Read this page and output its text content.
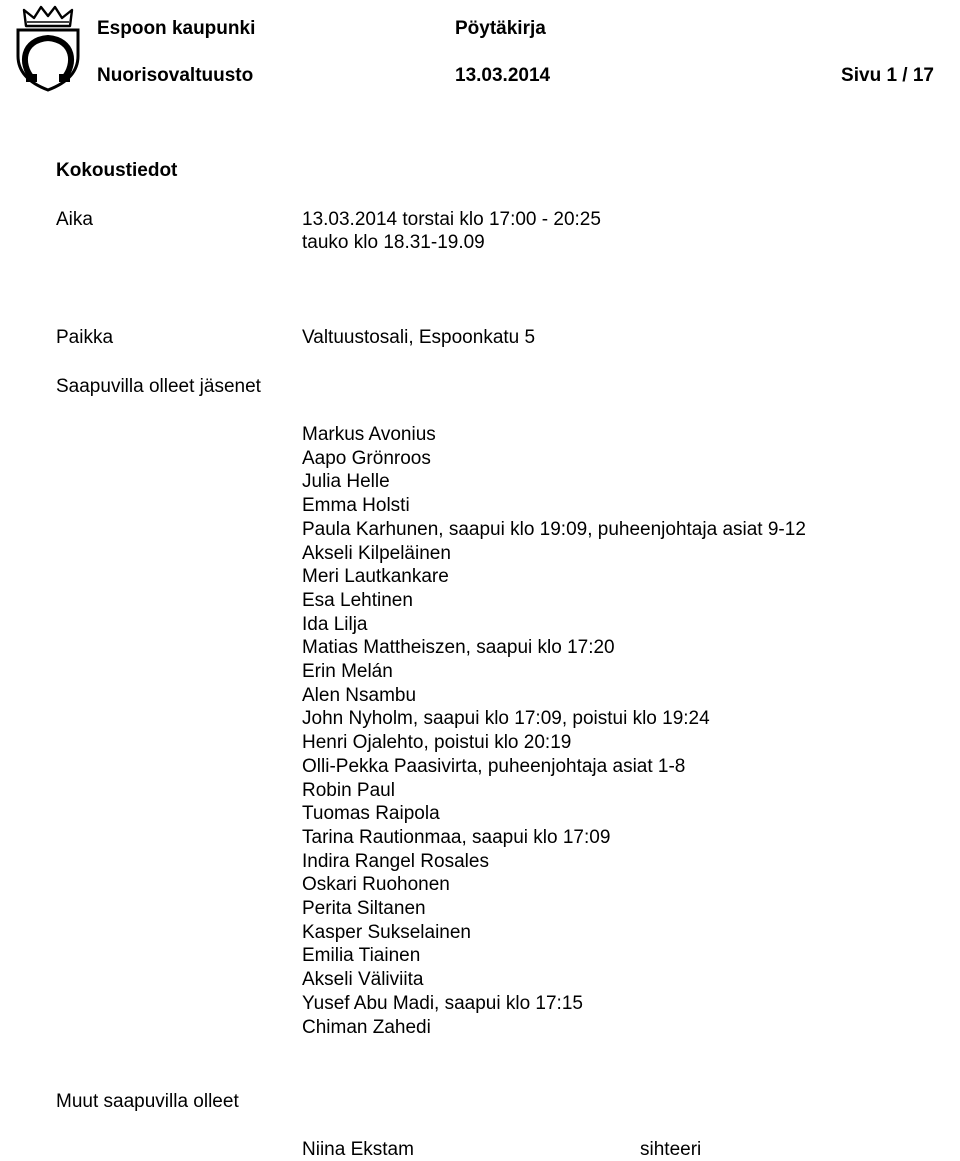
Espoon kaupunki	Pöytäkirja
Nuorisovaltuusto	13.03.2014	Sivu 1 / 17
Kokoustiedot
Aika	13.03.2014 torstai klo 17:00 - 20:25
tauko klo 18.31-19.09
Paikka	Valtuustosali, Espoonkatu 5
Saapuvilla olleet jäsenet
Markus Avonius
Aapo Grönroos
Julia Helle
Emma Holsti
Paula Karhunen, saapui klo 19:09, puheenjohtaja asiat 9-12
Akseli Kilpeläinen
Meri Lautkankare
Esa Lehtinen
Ida Lilja
Matias Mattheiszen, saapui klo 17:20
Erin Melán
Alen Nsambu
John Nyholm, saapui klo 17:09, poistui klo 19:24
Henri Ojalehto, poistui klo 20:19
Olli-Pekka Paasivirta, puheenjohtaja asiat 1-8
Robin Paul
Tuomas Raipola
Tarina Rautionmaa, saapui klo 17:09
Indira Rangel Rosales
Oskari Ruohonen
Perita Siltanen
Kasper Sukselainen
Emilia Tiainen
Akseli Väliviita
Yusef Abu Madi, saapui klo 17:15
Chiman Zahedi
Muut saapuvilla olleet
Niina Ekstam	sihteeri
